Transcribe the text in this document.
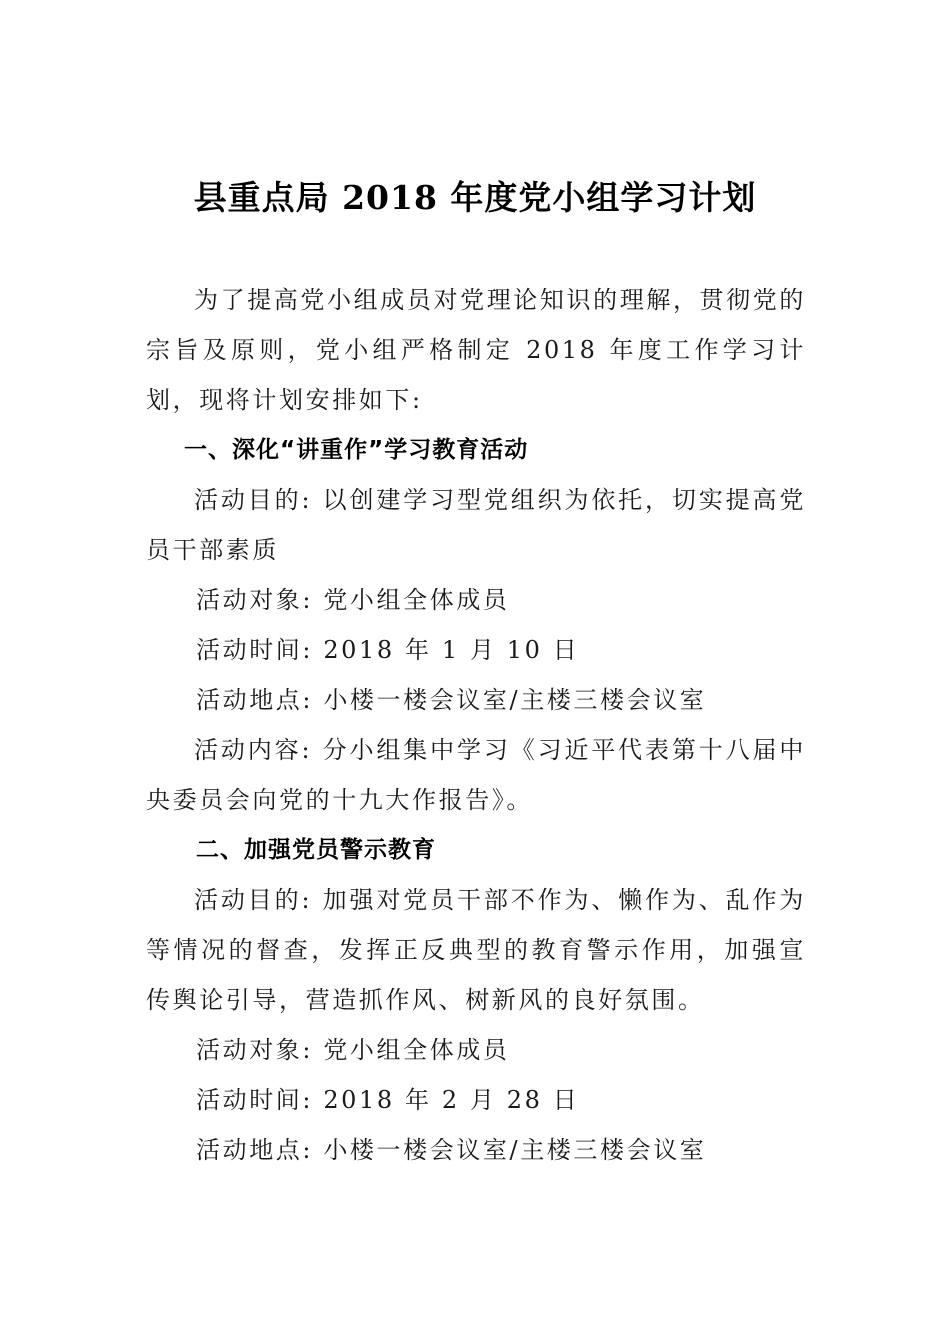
县重点局 2018 年度党小组学习计划

为了提高党小组成员对党理论知识的理解，贯彻党的宗旨及原则，党小组严格制定 2018 年度工作学习计划，现将计划安排如下:

一、深化“讲重作”学习教育活动

活动目的: 以创建学习型党组织为依托，切实提高党员干部素质

活动对象: 党小组全体成员

活动时间: 2018 年 1 月 10 日

活动地点: 小楼一楼会议室/主楼三楼会议室

活动内容: 分小组集中学习《习近平代表第十八届中央委员会向党的十九大作报告》。

二、加强党员警示教育

活动目的: 加强对党员干部不作为、懒作为、乱作为等情况的督查，发挥正反典型的教育警示作用，加强宣传舆论引导，营造抓作风、树新风的良好氛围。

活动对象: 党小组全体成员

活动时间: 2018 年 2 月 28 日

活动地点: 小楼一楼会议室/主楼三楼会议室
